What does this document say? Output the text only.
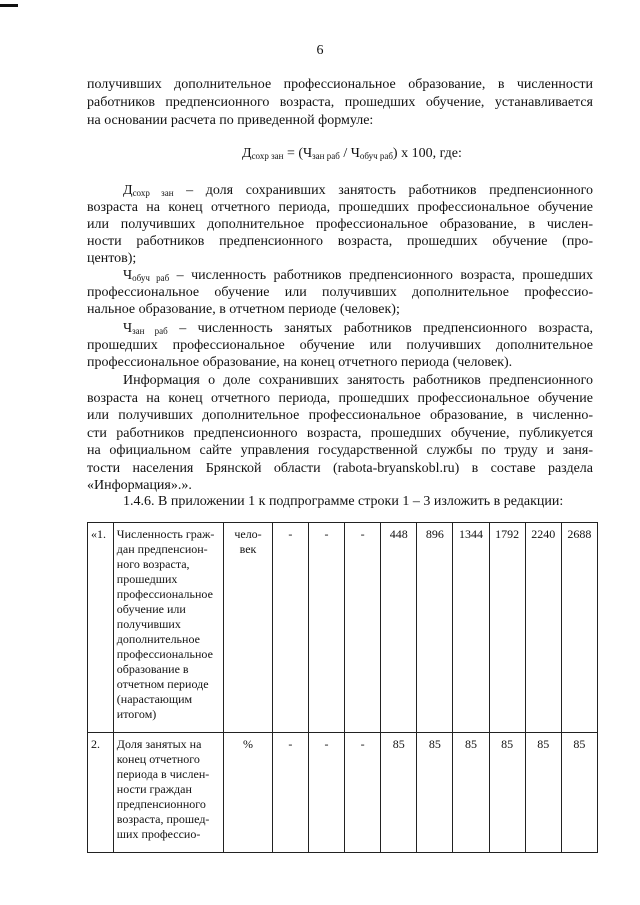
6
получивших дополнительное профессиональное образование, в численности
работников предпенсионного возраста, прошедших обучение, устанавливается
на основании расчета по приведенной формуле:
Дсохр зан = (Чзан раб / Чобуч раб) х 100, где:
Дсохр зан – доля сохранивших занятость работников предпенсионного
возраста на конец отчетного периода, прошедших профессиональное обучение
или получивших дополнительное профессиональное образование, в числен-
ности работников предпенсионного возраста, прошедших обучение (про-
центов);
Чобуч раб – численность работников предпенсионного возраста, прошедших
профессиональное обучение или получивших дополнительное профессио-
нальное образование, в отчетном периоде (человек);
Чзан раб – численность занятых работников предпенсионного возраста,
прошедших профессиональное обучение или получивших дополнительное
профессиональное образование, на конец отчетного периода (человек).
Информация о доле сохранивших занятость работников предпенсионного
возраста на конец отчетного периода, прошедших профессиональное обучение
или получивших дополнительное профессиональное образование, в численно-
сти работников предпенсионного возраста, прошедших обучение, публикуется
на официальном сайте управления государственной службы по труду и заня-
тости населения Брянской области (rabota-bryanskobl.ru) в составе раздела
«Информация».».
1.4.6. В приложении 1 к подпрограмме строки 1 – 3 изложить в редакции:
«1.	Численность граж-дан предпенсион-ного возраста, прошедших профессиональное обучение или получивших дополнительное профессиональное образование в отчетном периоде (нарастающим итогом)	чело-век	-	-	-	448	896	1344	1792	2240	2688
2.	Доля занятых на конец отчетного периода в числен-ности граждан предпенсионного возраста, прошед-ших профессио-	%	-	-	-	85	85	85	85	85	85
